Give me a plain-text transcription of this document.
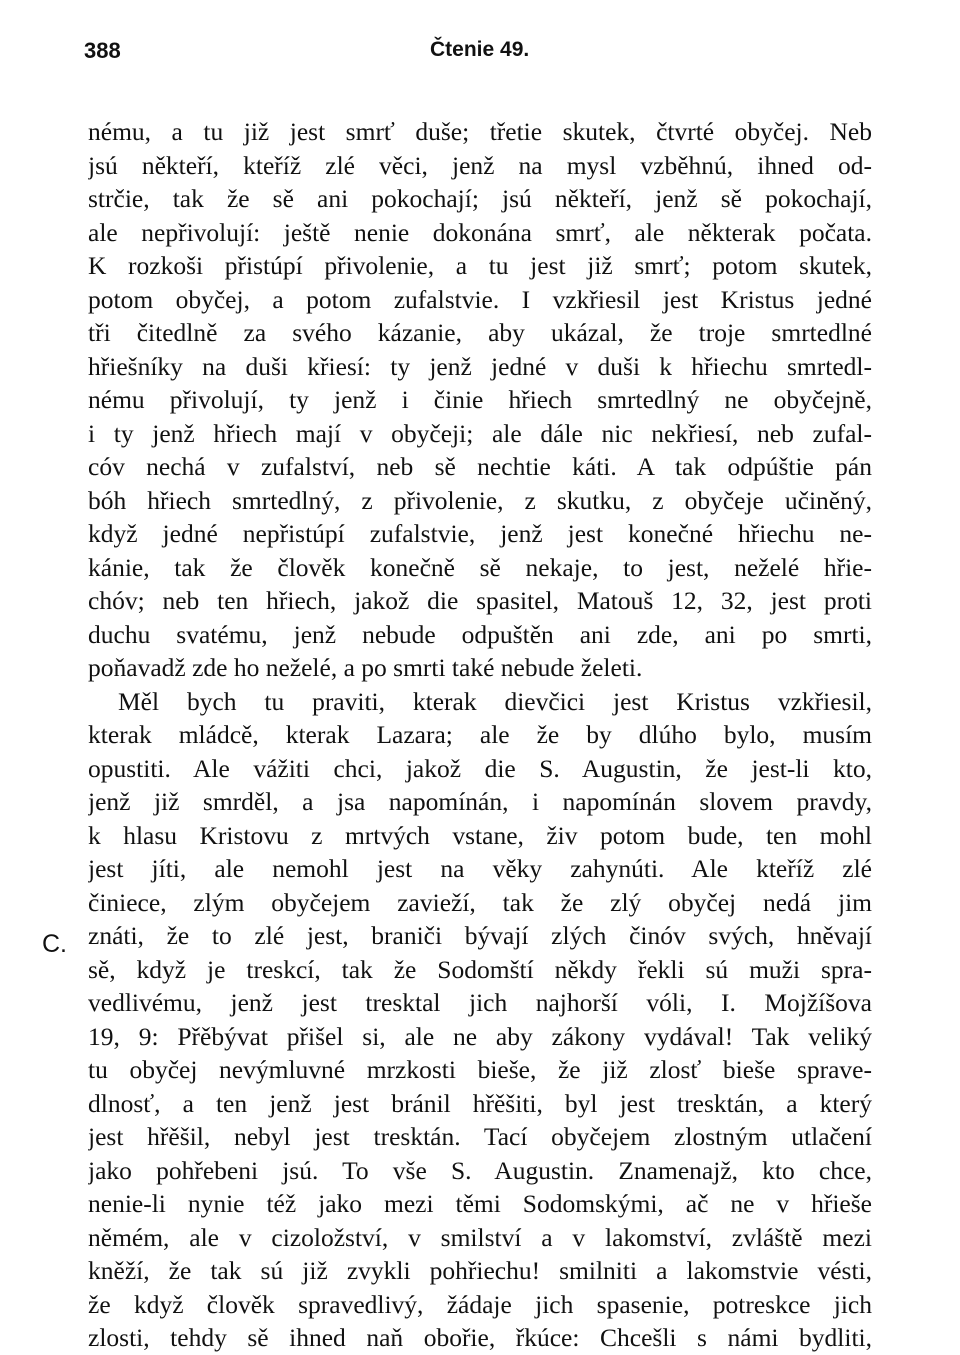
388	Čtenie 49.
C.
nému, a tu již jest smrť duše; třetie skutek, čtvrté obyčej. Neb
jsú někteří, kteříž zlé věci, jenž na mysl vzběhnú, ihned od-
strčie, tak že sě ani pokochají; jsú někteří, jenž sě pokochají,
ale nepřivolují: ještě nenie dokonána smrť, ale některak počata.
K rozkoši přistúpí přivolenie, a tu jest již smrť; potom skutek,
potom obyčej, a potom zufalstvie. I vzkřiesil jest Kristus jedné
tři čitedlně za svého kázanie, aby ukázal, že troje smrtedlné
hřiešníky na duši křiesí: ty jenž jedné v duši k hřiechu smrtedl-
nému přivolují, ty jenž i činie hřiech smrtedlný ne obyčejně,
i ty jenž hřiech mají v obyčeji; ale dále nic nekřiesí, neb zufal-
cóv nechá v zufalství, neb sě nechtie káti. A tak odpúštie pán
bóh hřiech smrtedlný, z přivolenie, z skutku, z obyčeje učiněný,
když jedné nepřistúpí zufalstvie, jenž jest konečné hřiechu ne-
kánie, tak že člověk konečně sě nekaje, to jest, neželé hřie-
chóv; neb ten hřiech, jakož die spasitel, Matouš 12, 32, jest proti
duchu svatému, jenž nebude odpuštěn ani zde, ani po smrti,
poňavadž zde ho neželé, a po smrti také nebude želeti.
Měl bych tu praviti, kterak dievčici jest Kristus vzkřiesil,
kterak mládcě, kterak Lazara; ale že by dlúho bylo, musím
opustiti. Ale vážiti chci, jakož die S. Augustin, že jest-li kto,
jenž již smrděl, a jsa napomínán, i napomínán slovem pravdy,
k hlasu Kristovu z mrtvých vstane, živ potom bude, ten mohl
jest jíti, ale nemohl jest na věky zahynúti. Ale kteříž zlé
činiece, zlým obyčejem zavieží, tak že zlý obyčej nedá jim
znáti, že to zlé jest, braniči bývají zlých činóv svých, hněvají
sě, když je treskcí, tak že Sodomští někdy řekli sú muži spra-
vedlivému, jenž jest tresktal jich najhorší vóli, I. Mojžíšova
19, 9: Přěbývat přišel si, ale ne aby zákony vydával! Tak veliký
tu obyčej nevýmluvné mrzkosti bieše, že již zlosť bieše sprave-
dlnosť, a ten jenž jest bránil hřěšiti, byl jest tresktán, a který
jest hřěšil, nebyl jest tresktán. Tací obyčejem zlostným utlačení
jako pohřebeni jsú. To vše S. Augustin. Znamenajž, kto chce,
nenie-li nynie též jako mezi těmi Sodomskými, ač ne v hřieše
němém, ale v cizoložství, v smilství a v lakomství, zvláště mezi
kněží, že tak sú již zvykli pohřiechu! smilniti a lakomstvie vésti,
že když člověk spravedlivý, žádaje jich spasenie, potreskce jich
zlosti, tehdy sě ihned naň obořie, řkúce: Chcešli s námi bydliti,
